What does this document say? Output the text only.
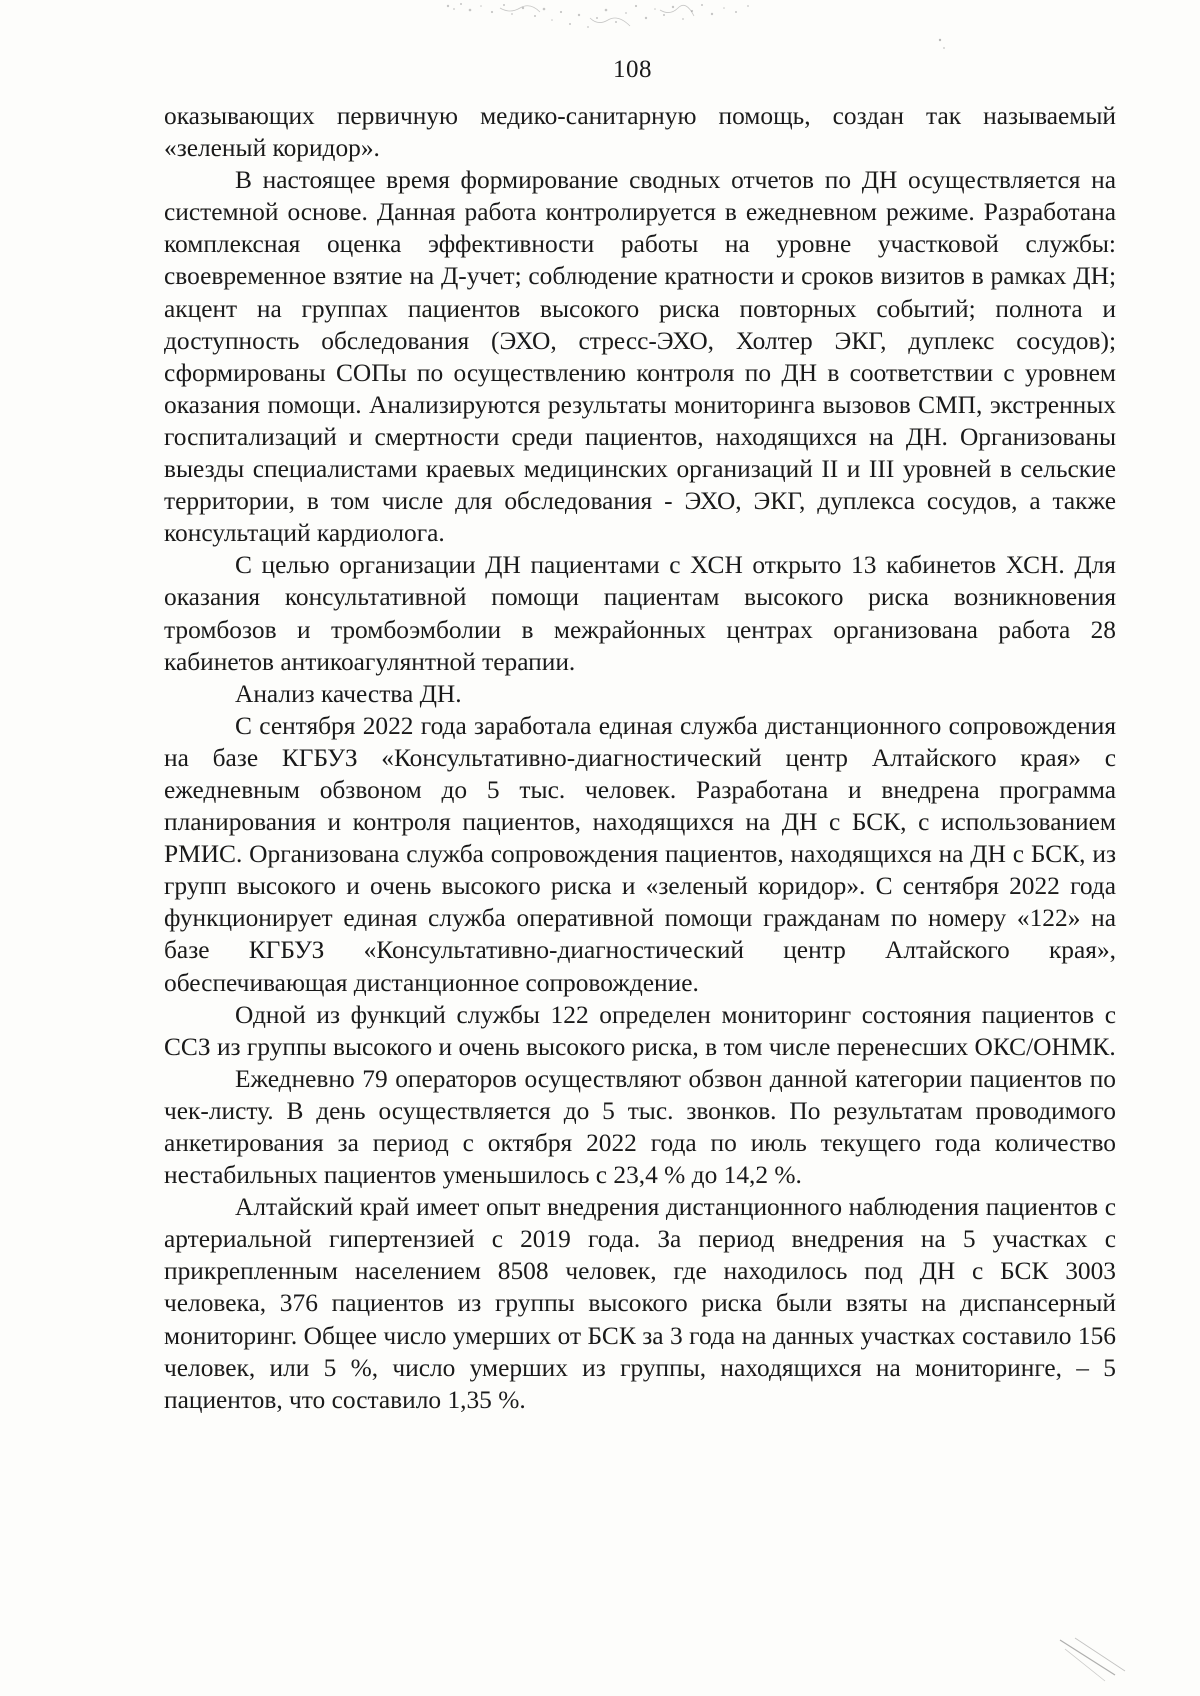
108

оказывающих первичную медико-санитарную помощь, создан так называемый «зеленый коридор».

В настоящее время формирование сводных отчетов по ДН осуществляется на системной основе. Данная работа контролируется в ежедневном режиме. Разработана комплексная оценка эффективности работы на уровне участковой службы: своевременное взятие на Д-учет; соблюдение кратности и сроков визитов в рамках ДН; акцент на группах пациентов высокого риска повторных событий; полнота и доступность обследования (ЭХО, стресс-ЭХО, Холтер ЭКГ, дуплекс сосудов); сформированы СОПы по осуществлению контроля по ДН в соответствии с уровнем оказания помощи. Анализируются результаты мониторинга вызовов СМП, экстренных госпитализаций и смертности среди пациентов, находящихся на ДН. Организованы выезды специалистами краевых медицинских организаций II и III уровней в сельские территории, в том числе для обследования - ЭХО, ЭКГ, дуплекса сосудов, а также консультаций кардиолога.

С целью организации ДН пациентами с ХСН открыто 13 кабинетов ХСН. Для оказания консультативной помощи пациентам высокого риска возникновения тромбозов и тромбоэмболии в межрайонных центрах организована работа 28 кабинетов антикоагулянтной терапии.

Анализ качества ДН.

С сентября 2022 года заработала единая служба дистанционного сопровождения на базе КГБУЗ «Консультативно-диагностический центр Алтайского края» с ежедневным обзвоном до 5 тыс. человек. Разработана и внедрена программа планирования и контроля пациентов, находящихся на ДН с БСК, с использованием РМИС. Организована служба сопровождения пациентов, находящихся на ДН с БСК, из групп высокого и очень высокого риска и «зеленый коридор». С сентября 2022 года функционирует единая служба оперативной помощи гражданам по номеру «122» на базе КГБУЗ «Консультативно-диагностический центр Алтайского края», обеспечивающая дистанционное сопровождение.

Одной из функций службы 122 определен мониторинг состояния пациентов с ССЗ из группы высокого и очень высокого риска, в том числе перенесших ОКС/ОНМК.

Ежедневно 79 операторов осуществляют обзвон данной категории пациентов по чек-листу. В день осуществляется до 5 тыс. звонков. По результатам проводимого анкетирования за период с октября 2022 года по июль текущего года количество нестабильных пациентов уменьшилось с 23,4 % до 14,2 %.

Алтайский край имеет опыт внедрения дистанционного наблюдения пациентов с артериальной гипертензией с 2019 года. За период внедрения на 5 участках с прикрепленным населением 8508 человек, где находилось под ДН с БСК 3003 человека, 376 пациентов из группы высокого риска были взяты на диспансерный мониторинг. Общее число умерших от БСК за 3 года на данных участках составило 156 человек, или 5 %, число умерших из группы, находящихся на мониторинге, – 5 пациентов, что составило 1,35 %.
